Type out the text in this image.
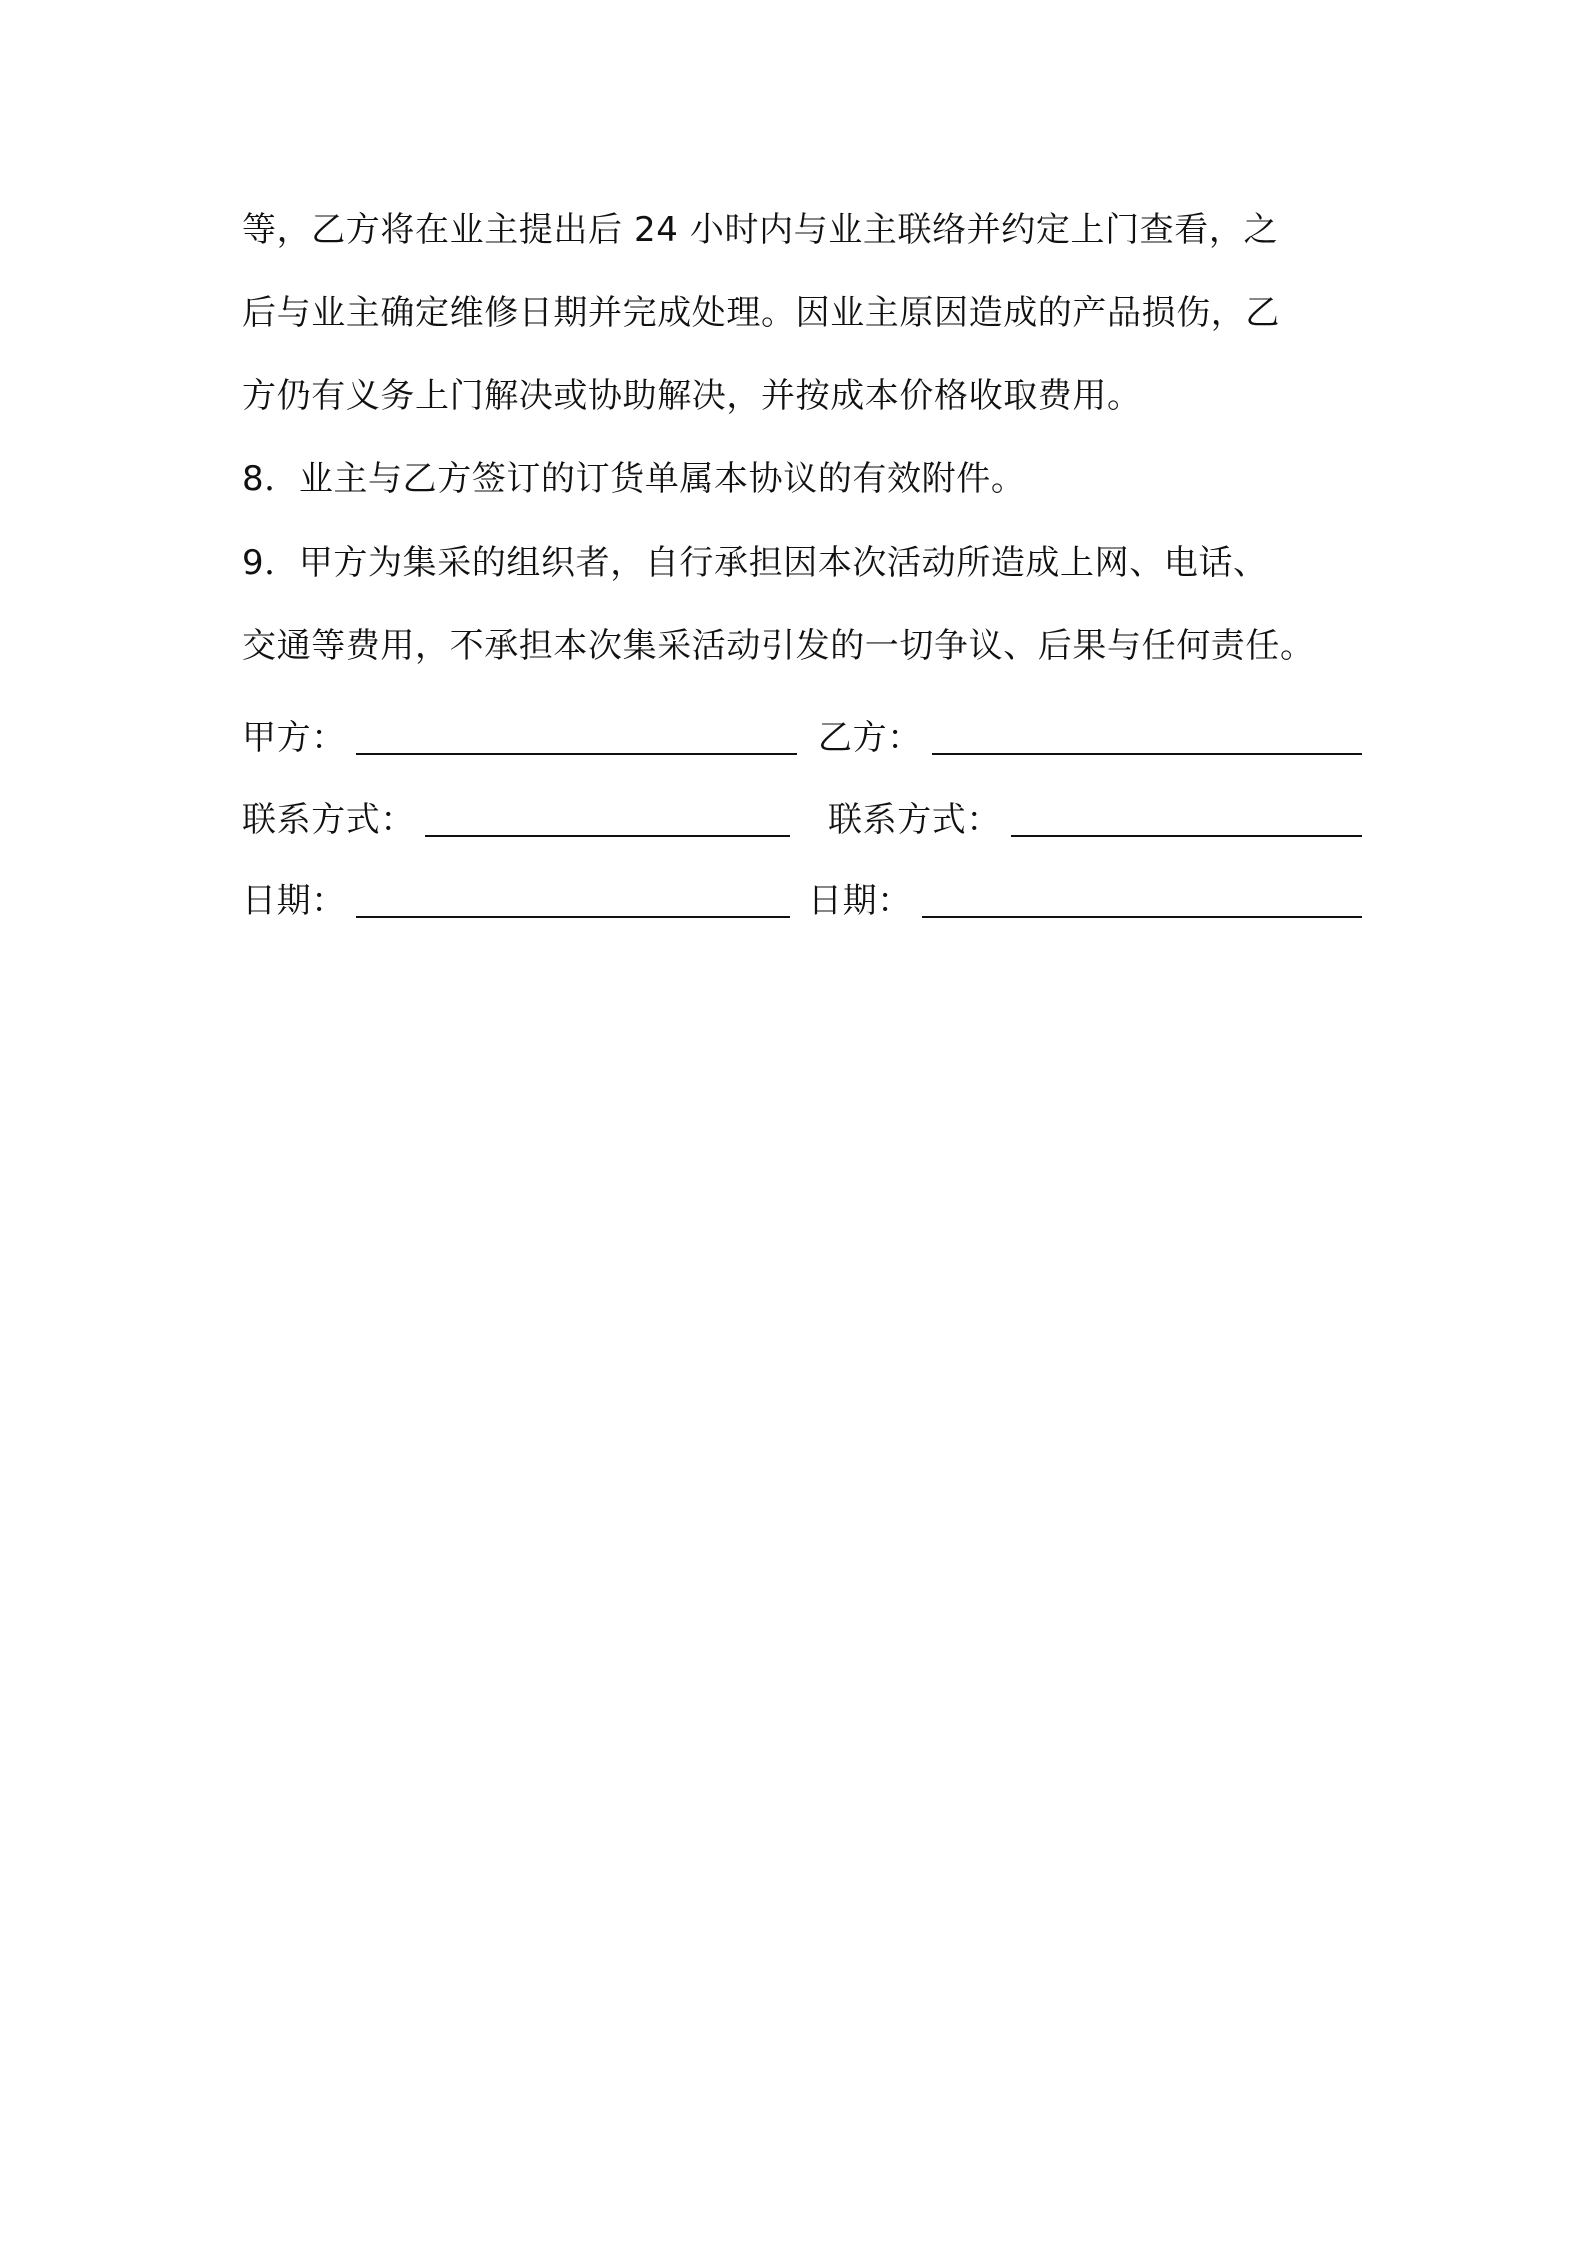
等，乙方将在业主提出后 24 小时内与业主联络并约定上门查看，之
后与业主确定维修日期并完成处理。因业主原因造成的产品损伤，乙
方仍有义务上门解决或协助解决，并按成本价格收取费用。
8．业主与乙方签订的订货单属本协议的有效附件。
9．甲方为集采的组织者，自行承担因本次活动所造成上网、电话、
交通等费用，不承担本次集采活动引发的一切争议、后果与任何责任。
甲方：	乙方：
联系方式：	联系方式：
日期：	日期：
